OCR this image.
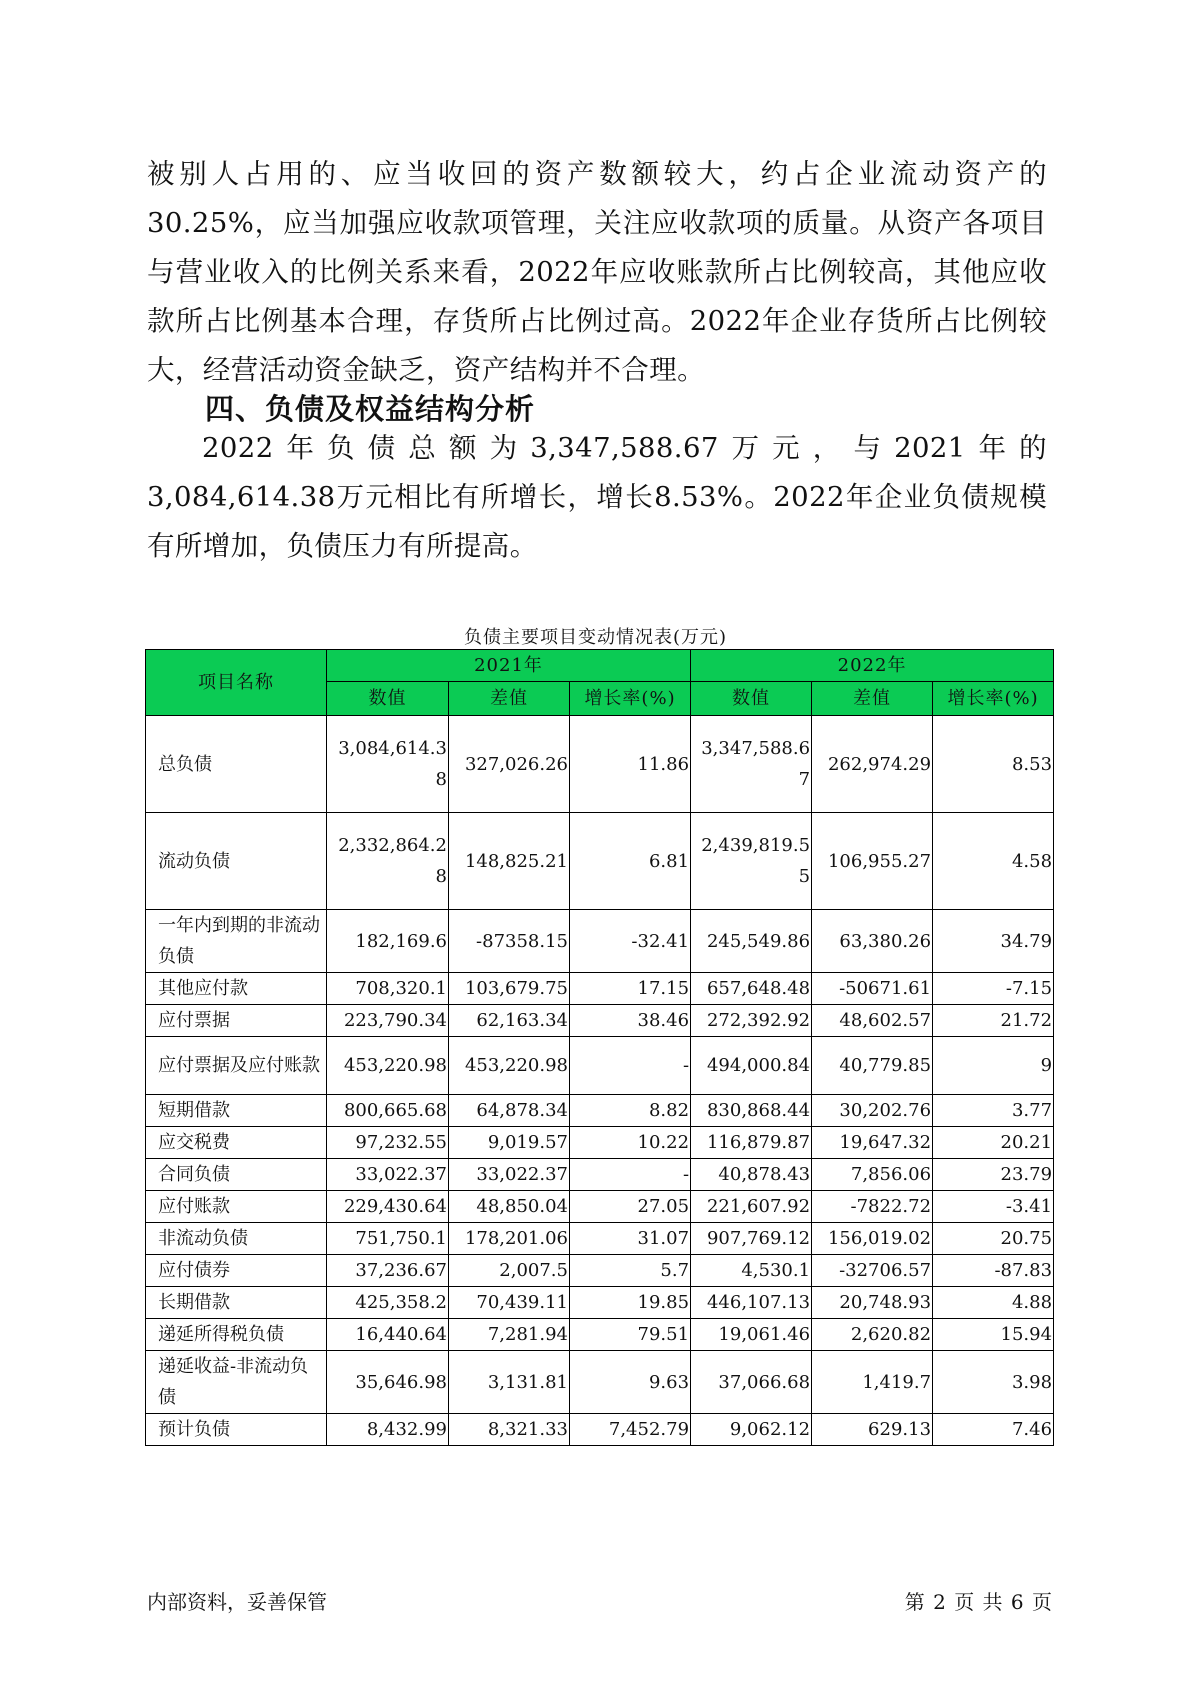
被别人占用的、应当收回的资产数额较大，约占企业流动资产的30.25%，应当加强应收款项管理，关注应收款项的质量。从资产各项目与营业收入的比例关系来看，2022年应收账款所占比例较高，其他应收款所占比例基本合理，存货所占比例过高。2022年企业存货所占比例较大，经营活动资金缺乏，资产结构并不合理。

四、负债及权益结构分析

2022年负债总额为3,347,588.67万元，与2021年的3,084,614.38万元相比有所增长，增长8.53%。2022年企业负债规模有所增加，负债压力有所提高。

负债主要项目变动情况表(万元)
项目名称	2021年			2022年		
	数值	差值	增长率(%)	数值	差值	增长率(%)
总负债	3,084,614.38	327,026.26	11.86	3,347,588.67	262,974.29	8.53
流动负债	2,332,864.28	148,825.21	6.81	2,439,819.55	106,955.27	4.58
一年内到期的非流动负债	182,169.6	-87358.15	-32.41	245,549.86	63,380.26	34.79
其他应付款	708,320.1	103,679.75	17.15	657,648.48	-50671.61	-7.15
应付票据	223,790.34	62,163.34	38.46	272,392.92	48,602.57	21.72
应付票据及应付账款	453,220.98	453,220.98	-	494,000.84	40,779.85	9
短期借款	800,665.68	64,878.34	8.82	830,868.44	30,202.76	3.77
应交税费	97,232.55	9,019.57	10.22	116,879.87	19,647.32	20.21
合同负债	33,022.37	33,022.37	-	40,878.43	7,856.06	23.79
应付账款	229,430.64	48,850.04	27.05	221,607.92	-7822.72	-3.41
非流动负债	751,750.1	178,201.06	31.07	907,769.12	156,019.02	20.75
应付债券	37,236.67	2,007.5	5.7	4,530.1	-32706.57	-87.83
长期借款	425,358.2	70,439.11	19.85	446,107.13	20,748.93	4.88
递延所得税负债	16,440.64	7,281.94	79.51	19,061.46	2,620.82	15.94
递延收益-非流动负债	35,646.98	3,131.81	9.63	37,066.68	1,419.7	3.98
预计负债	8,432.99	8,321.33	7,452.79	9,062.12	629.13	7.46
内部资料，妥善保管	第 2 页 共 6 页
